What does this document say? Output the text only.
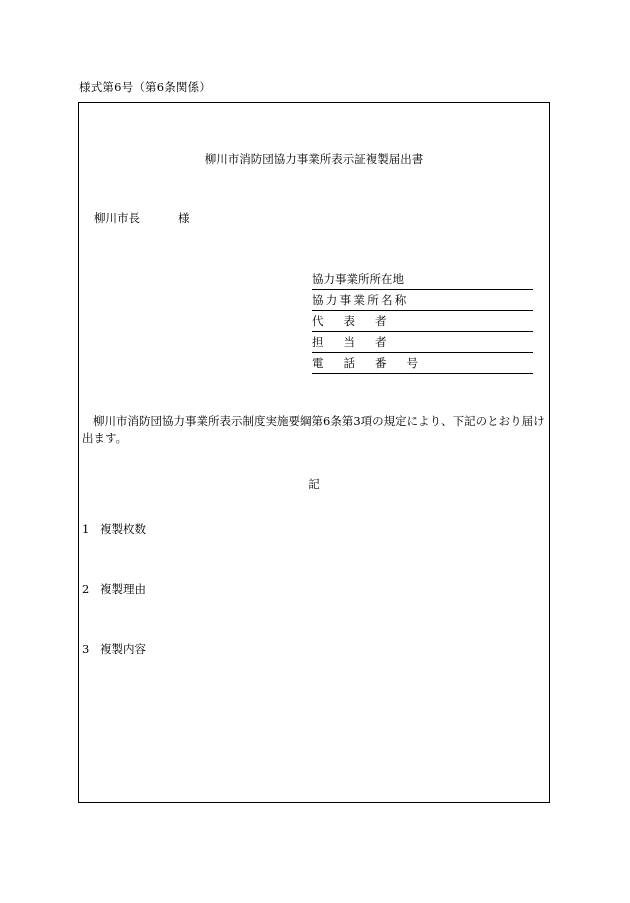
様式第6号（第6条関係）
柳川市消防団協力事業所表示証複製届出書
柳川市長	様
協力事業所所在地
協力事業所名称
代表者
担当者
電話番号
柳川市消防団協力事業所表示制度実施要綱第6条第3項の規定により、下記のとおり届け出ます。
記
1 複製枚数
2 複製理由
3 複製内容
